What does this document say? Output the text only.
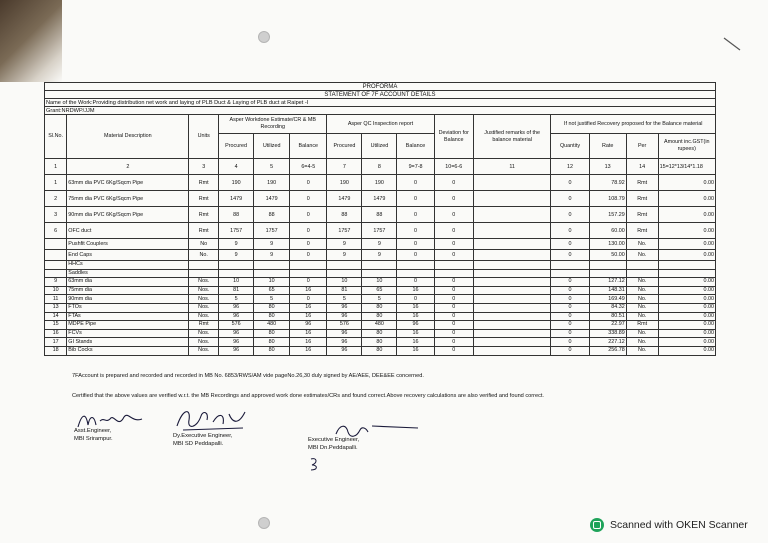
PROFORMA
STATEMENT OF 7F ACCOUNT DETAILS
Name of the Work:Providing distribution net work and laying of PLB Duct & Laying of PLB duct at Raipet -I
Grant:NRDWP/JJM
Sl.No.	Material Description	Units	Asper Workdone Estimate/CR & MB Recording			Asper QC Inspection report			Deviation for Balance	Justified remarks of the balance material	If not justified Recovery proposed for the Balance material			
			Procured	Utilized	Balance	Procured	Utilized	Balance			Quantity	Rate	Per	Amount inc.GST(in rupees)
1	2	3	4	5	6=4-5	7	8	9=7-8	10=6-6	11	12	13	14	15=12*13/14*1.18
1	63mm dia PVC 6Kg/Sqcm Pipe	Rmt	190	190	0	190	190	0	0		0	78.92	Rmt	0.00
2	75mm dia PVC 6Kg/Sqcm Pipe	Rmt	1479	1479	0	1479	1479	0	0		0	108.79	Rmt	0.00
3	90mm dia PVC 6Kg/Sqcm Pipe	Rmt	88	88	0	88	88	0	0		0	157.29	Rmt	0.00
6	OFC duct	Rmt	1757	1757	0	1757	1757	0	0		0	60.00	Rmt	0.00
	Pushfit Couplers	No	9	9	0	9	9	0	0		0	130.00	No.	0.00
	End Caps	No.	9	9	0	9	9	0	0		0	50.00	No.	0.00
	HHCs													
	Saddles													
9	63mm dia	Nos.	10	10	0	10	10	0	0		0	127.12	No.	0.00
10	75mm dia	Nos.	81	65	16	81	65	16	0		0	148.31	No.	0.00
11	90mm dia	Nos.	5	5	0	5	5	0	0		0	169.49	No.	0.00
13	FTOs	Nos.	96	80	16	96	80	16	0		0	84.32	No.	0.00
14	FTAs	Nos.	96	80	16	96	80	16	0		0	80.51	No.	0.00
15	MDPE Pipe	Rmt	576	480	96	576	480	96	0		0	22.97	Rmt	0.00
16	FCVs	Nos.	96	80	16	96	80	16	0		0	338.89	No.	0.00
17	GI Stands	Nos.	96	80	16	96	80	16	0		0	227.12	No.	0.00
18	Bib Cocks	Nos.	96	80	16	96	80	16	0		0	256.78	No.	0.00
7FAccount is prepared and recorded and recorded in MB No. 6853/RWS/AM vide pageNo.26,30 duly signed by AE/AEE, DEE&EE concerned.
Certified that the above values are verified w.r.t. the MB Recordings and approved work done estimates/CRs and found correct.Above recovery calculations are also verified and found correct.
Asst.Engineer,
MBI Srirampur.	Dy.Executive Engineer,
MBI SD Peddapalli.
Executive Engineer,
MBI Dn.Peddapalli.
Scanned with OKEN Scanner
